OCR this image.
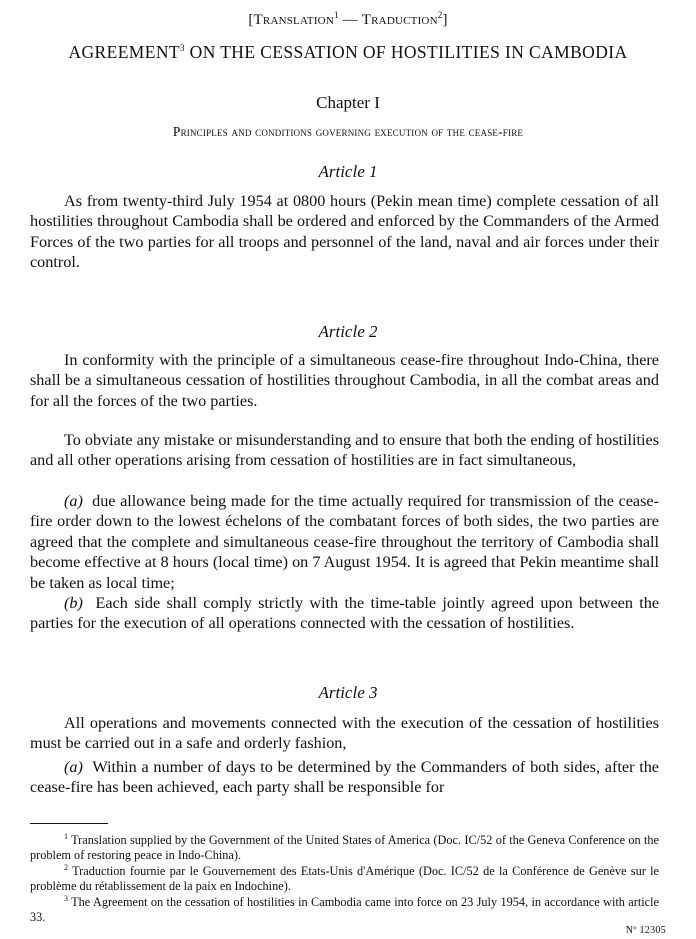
[Translation$^1$ — Traduction$^2$]
AGREEMENT$^3$ ON THE CESSATION OF HOSTILITIES IN CAMBODIA
Chapter I
Principles and conditions governing execution of the cease-fire
Article 1

As from twenty-third July 1954 at 0800 hours (Pekin mean time) complete cessation of all hostilities throughout Cambodia shall be ordered and enforced by the Commanders of the Armed Forces of the two parties for all troops and personnel of the land, naval and air forces under their control.

Article 2

In conformity with the principle of a simultaneous cease-fire throughout Indo-China, there shall be a simultaneous cessation of hostilities throughout Cambodia, in all the combat areas and for all the forces of the two parties.

To obviate any mistake or misunderstanding and to ensure that both the ending of hostilities and all other operations arising from cessation of hostilities are in fact simultaneous,

(a) due allowance being made for the time actually required for transmission of the cease-fire order down to the lowest échelons of the combatant forces of both sides, the two parties are agreed that the complete and simultaneous cease-fire throughout the territory of Cambodia shall become effective at 8 hours (local time) on 7 August 1954. It is agreed that Pekin meantime shall be taken as local time;

(b) Each side shall comply strictly with the time-table jointly agreed upon between the parties for the execution of all operations connected with the cessation of hostilities.

Article 3

All operations and movements connected with the execution of the cessation of hostilities must be carried out in a safe and orderly fashion,

(a) Within a number of days to be determined by the Commanders of both sides, after the cease-fire has been achieved, each party shall be responsible for

$^1$ Translation supplied by the Government of the United States of America (Doc. IC/52 of the Geneva Conference on the problem of restoring peace in Indo-China).

$^2$ Traduction fournie par le Gouvernement des Etats-Unis d'Amérique (Doc. IC/52 de la Conférence de Genève sur le problème du rétablissement de la paix en Indochine).

$^3$ The Agreement on the cessation of hostilities in Cambodia came into force on 23 July 1954, in accordance with article 33.

Nº 12305
